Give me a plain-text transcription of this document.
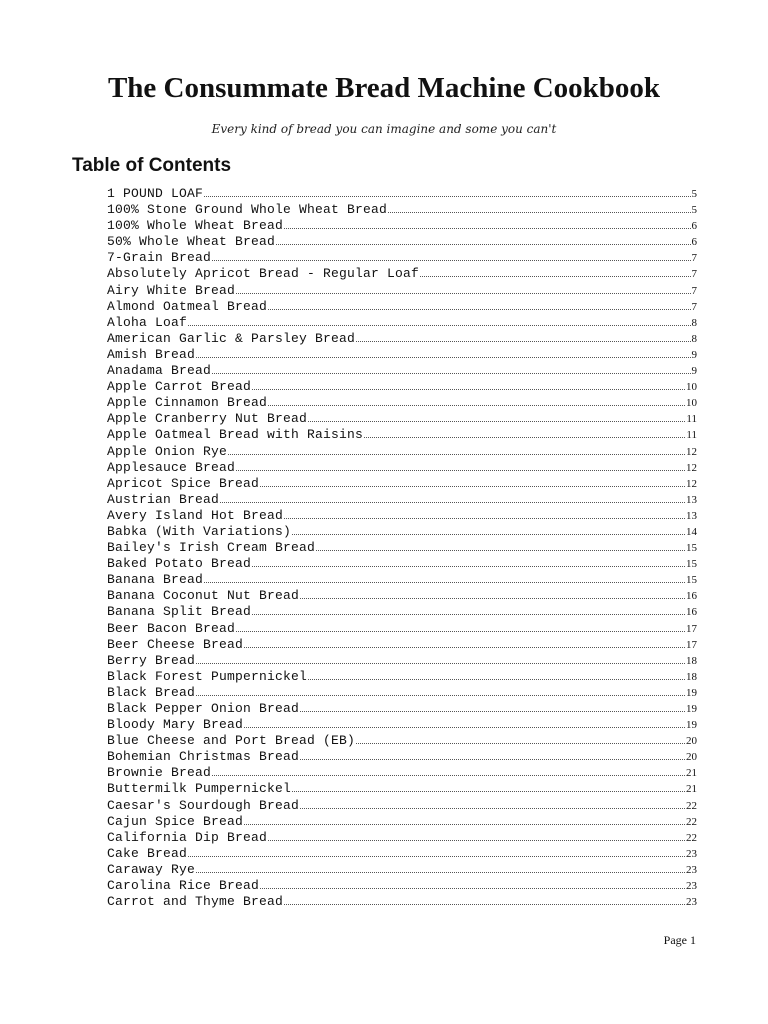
The Consummate Bread Machine Cookbook
Every kind of bread you can imagine and some you can't
Table of Contents
1 POUND LOAF	5
100% Stone Ground Whole Wheat Bread	5
100% Whole Wheat Bread	6
50% Whole Wheat Bread	6
7-Grain Bread	7
Absolutely Apricot Bread - Regular Loaf	7
Airy White Bread	7
Almond Oatmeal Bread	7
Aloha Loaf	8
American Garlic & Parsley Bread	8
Amish Bread	9
Anadama Bread	9
Apple Carrot Bread	10
Apple Cinnamon Bread	10
Apple Cranberry Nut Bread	11
Apple Oatmeal Bread with Raisins	11
Apple Onion Rye	12
Applesauce Bread	12
Apricot Spice Bread	12
Austrian Bread	13
Avery Island Hot Bread	13
Babka (With Variations)	14
Bailey's Irish Cream Bread	15
Baked Potato Bread	15
Banana Bread	15
Banana Coconut Nut Bread	16
Banana Split Bread	16
Beer Bacon Bread	17
Beer Cheese Bread	17
Berry Bread	18
Black Forest Pumpernickel	18
Black Bread	19
Black Pepper Onion Bread	19
Bloody Mary Bread	19
Blue Cheese and Port Bread (EB)	20
Bohemian Christmas Bread	20
Brownie Bread	21
Buttermilk Pumpernickel	21
Caesar's Sourdough Bread	22
Cajun Spice Bread	22
California Dip Bread	22
Cake Bread	23
Caraway Rye	23
Carolina Rice Bread	23
Carrot and Thyme Bread	23
Page 1
